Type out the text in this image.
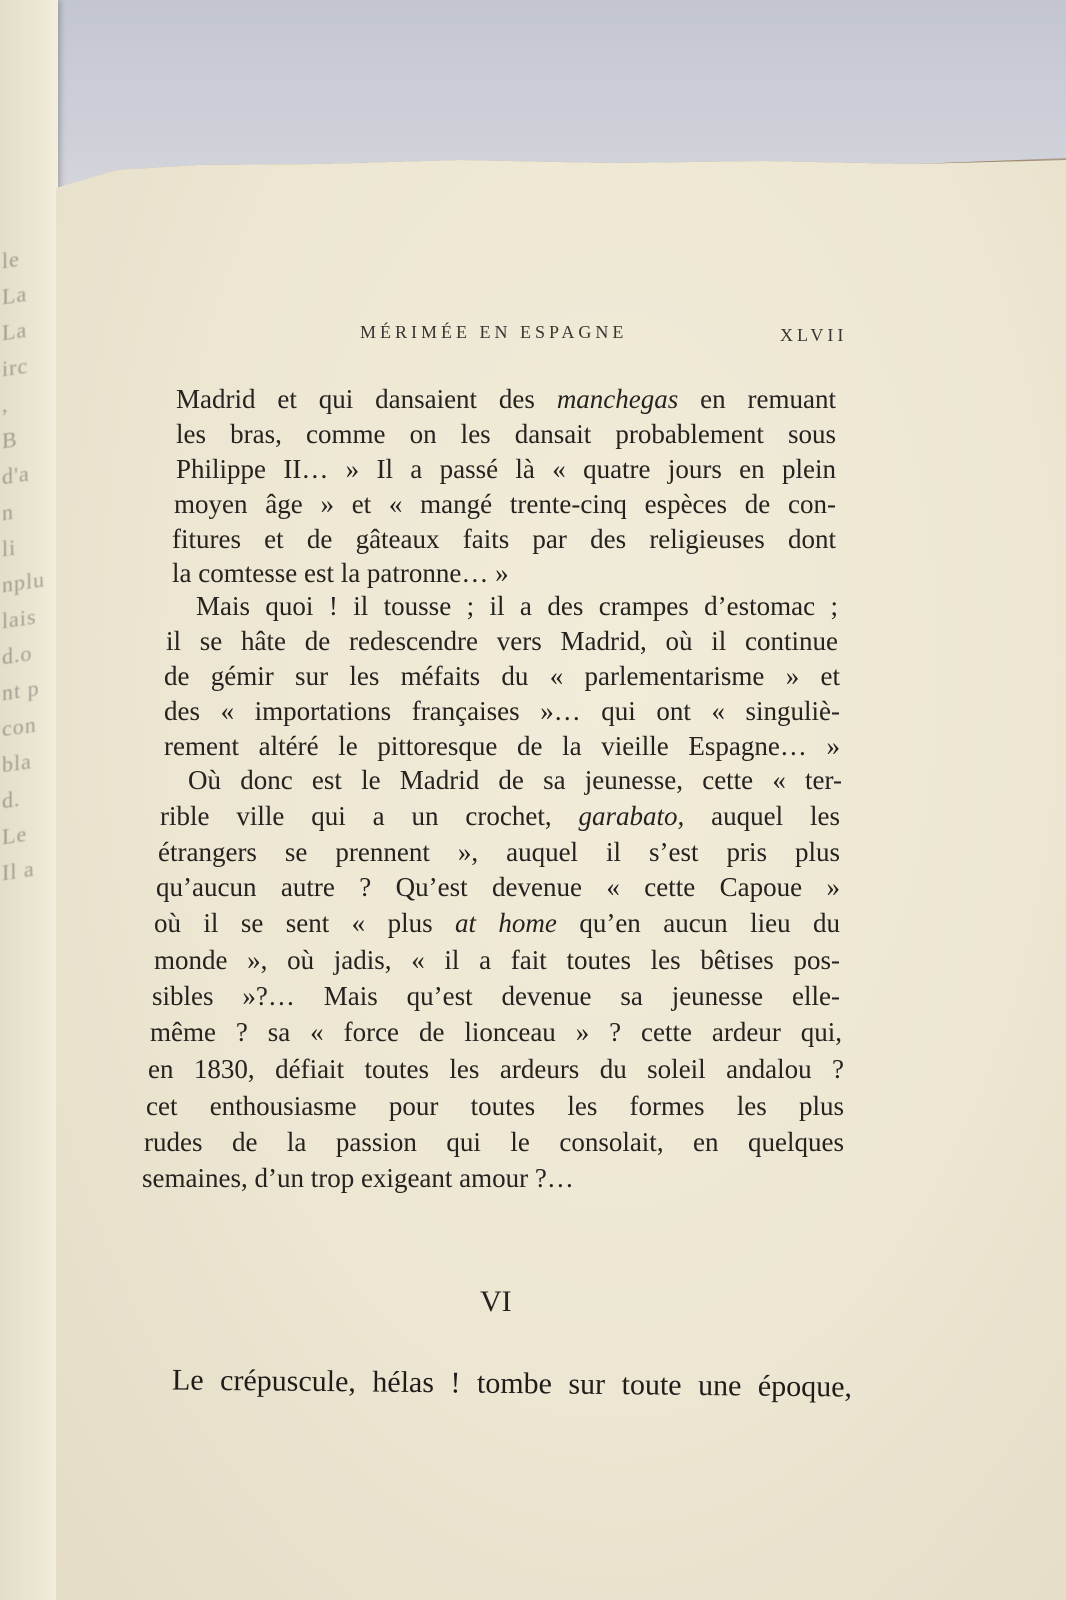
le
La
La
irc
,
B
d'a
n
li
nplu
lais
d.o
nt p
con
bla
d.
Le
Il a
MÉRIMÉE EN ESPAGNE	XLVII
Madrid et qui dansaient des manchegas en remuant
les bras, comme on les dansait probablement sous
Philippe II… » Il a passé là « quatre jours en plein
moyen âge » et « mangé trente-cinq espèces de con-
fitures et de gâteaux faits par des religieuses dont
la comtesse est la patronne… »
Mais quoi ! il tousse ; il a des crampes d’estomac ;
il se hâte de redescendre vers Madrid, où il continue
de gémir sur les méfaits du « parlementarisme » et
des « importations françaises »… qui ont « singuliè-
rement altéré le pittoresque de la vieille Espagne… »
Où donc est le Madrid de sa jeunesse, cette « ter-
rible ville qui a un crochet, garabato, auquel les
étrangers se prennent », auquel il s’est pris plus
qu’aucun autre ? Qu’est devenue « cette Capoue »
où il se sent « plus at home qu’en aucun lieu du
monde », où jadis, « il a fait toutes les bêtises pos-
sibles »?… Mais qu’est devenue sa jeunesse elle-
même ? sa « force de lionceau » ? cette ardeur qui,
en 1830, défiait toutes les ardeurs du soleil andalou ?
cet enthousiasme pour toutes les formes les plus
rudes de la passion qui le consolait, en quelques
semaines, d’un trop exigeant amour ?…
VI
Le crépuscule, hélas ! tombe sur toute une époque,
